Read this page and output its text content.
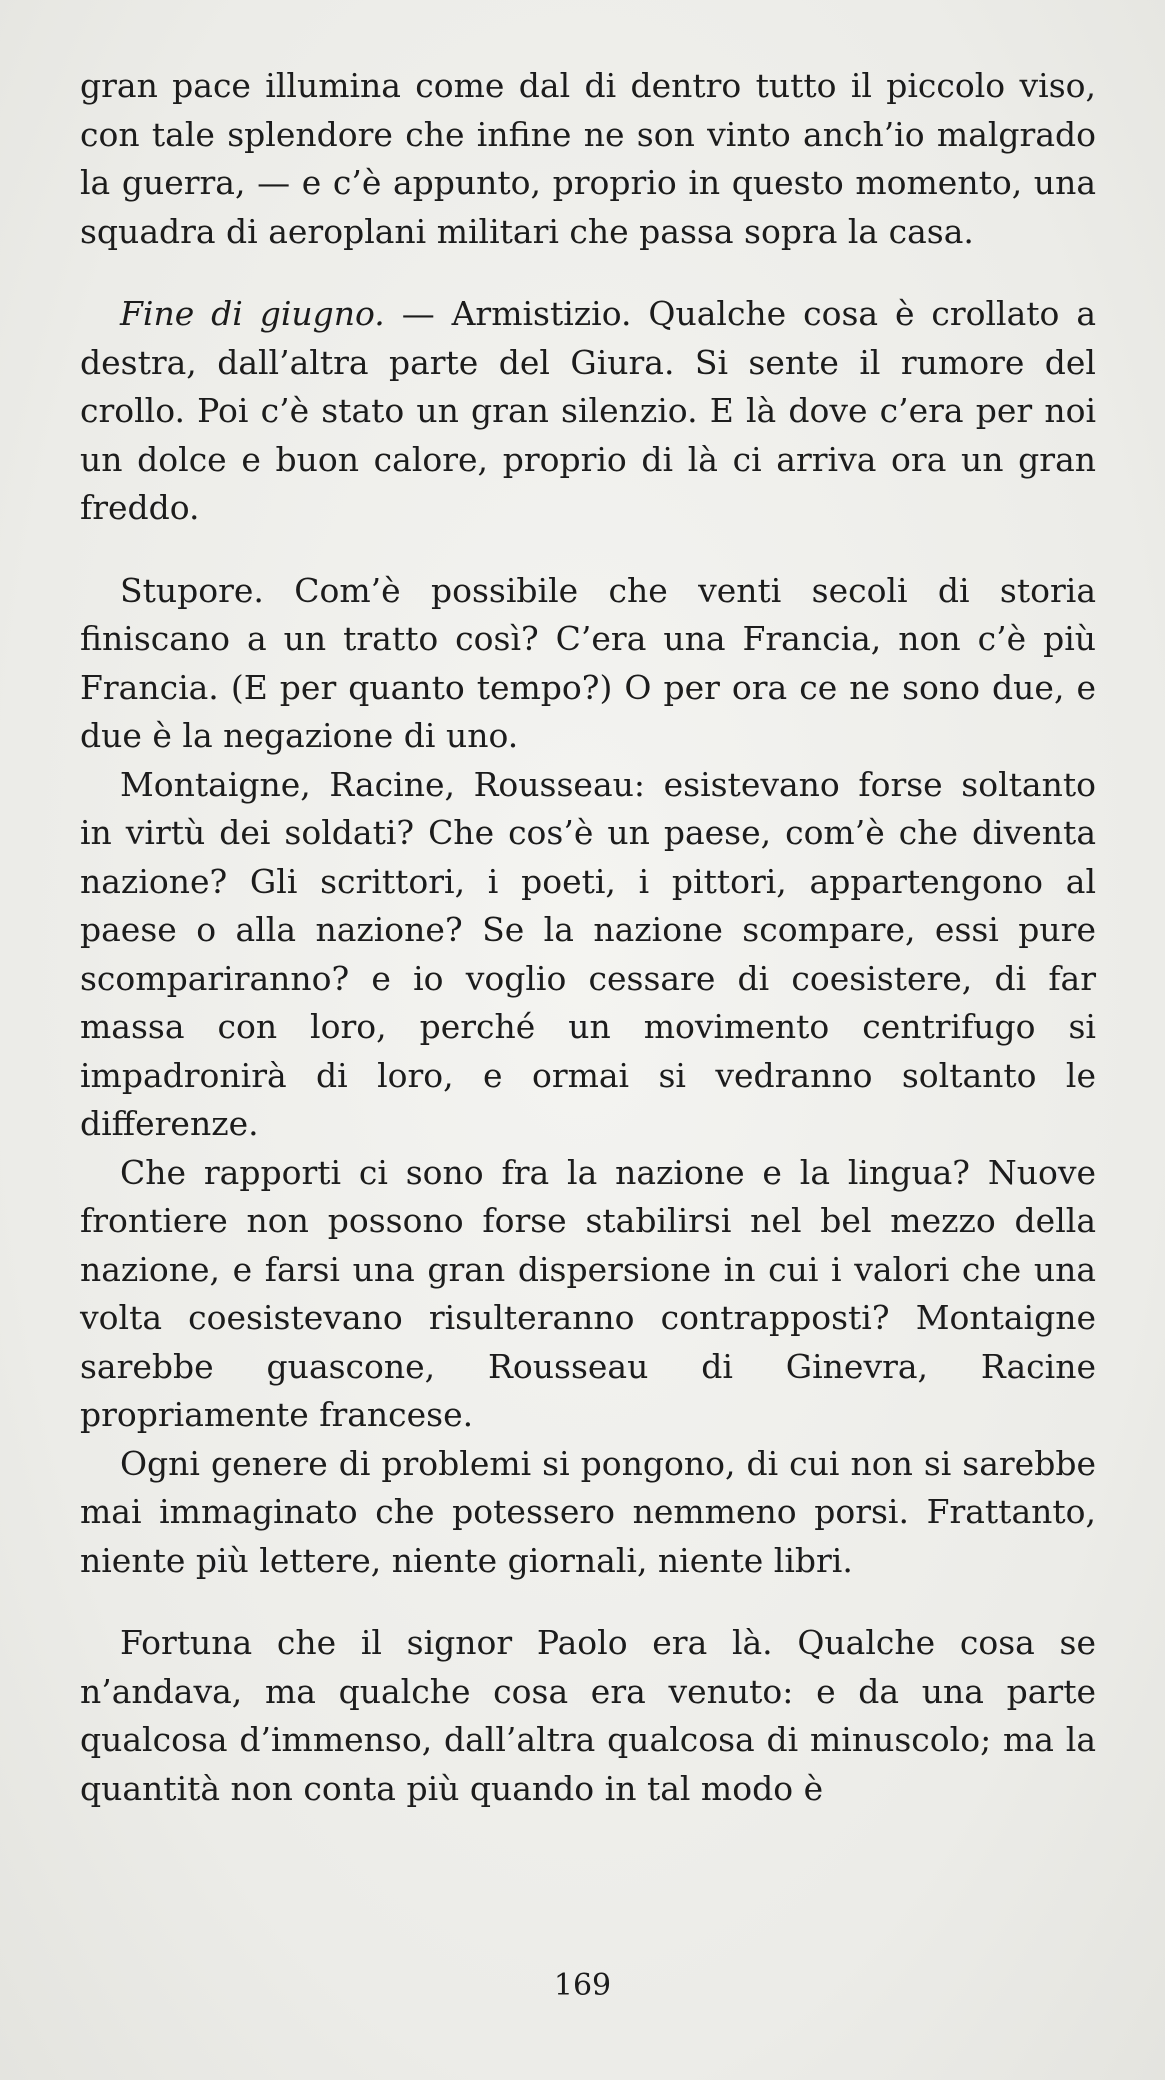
gran pace illumina come dal di dentro tutto il piccolo viso, con tale splendore che infine ne son vinto anch’io malgrado la guerra, — e c’è appunto, proprio in questo momento, una squadra di aeroplani militari che passa sopra la casa.

Fine di giugno. — Armistizio. Qualche cosa è crollato a destra, dall’altra parte del Giura. Si sente il rumore del crollo. Poi c’è stato un gran silenzio. E là dove c’era per noi un dolce e buon calore, proprio di là ci arriva ora un gran freddo.

Stupore. Com’è possibile che venti secoli di storia finiscano a un tratto così? C’era una Francia, non c’è più Francia. (E per quanto tempo?) O per ora ce ne sono due, e due è la negazione di uno.

Montaigne, Racine, Rousseau: esistevano forse soltanto in virtù dei soldati? Che cos’è un paese, com’è che diventa nazione? Gli scrittori, i poeti, i pittori, appartengono al paese o alla nazione? Se la nazione scompare, essi pure scompariranno? e io voglio cessare di coesistere, di far massa con loro, perché un movimento centrifugo si impadronirà di loro, e ormai si vedranno soltanto le differenze.

Che rapporti ci sono fra la nazione e la lingua? Nuove frontiere non possono forse stabilirsi nel bel mezzo della nazione, e farsi una gran dispersione in cui i valori che una volta coesistevano risulteranno contrapposti? Montaigne sarebbe guascone, Rousseau di Ginevra, Racine propriamente francese.

Ogni genere di problemi si pongono, di cui non si sarebbe mai immaginato che potessero nemmeno porsi. Frattanto, niente più lettere, niente giornali, niente libri.

Fortuna che il signor Paolo era là. Qualche cosa se n’andava, ma qualche cosa era venuto: e da una parte qualcosa d’immenso, dall’altra qualcosa di minuscolo; ma la quantità non conta più quando in tal modo è

169
